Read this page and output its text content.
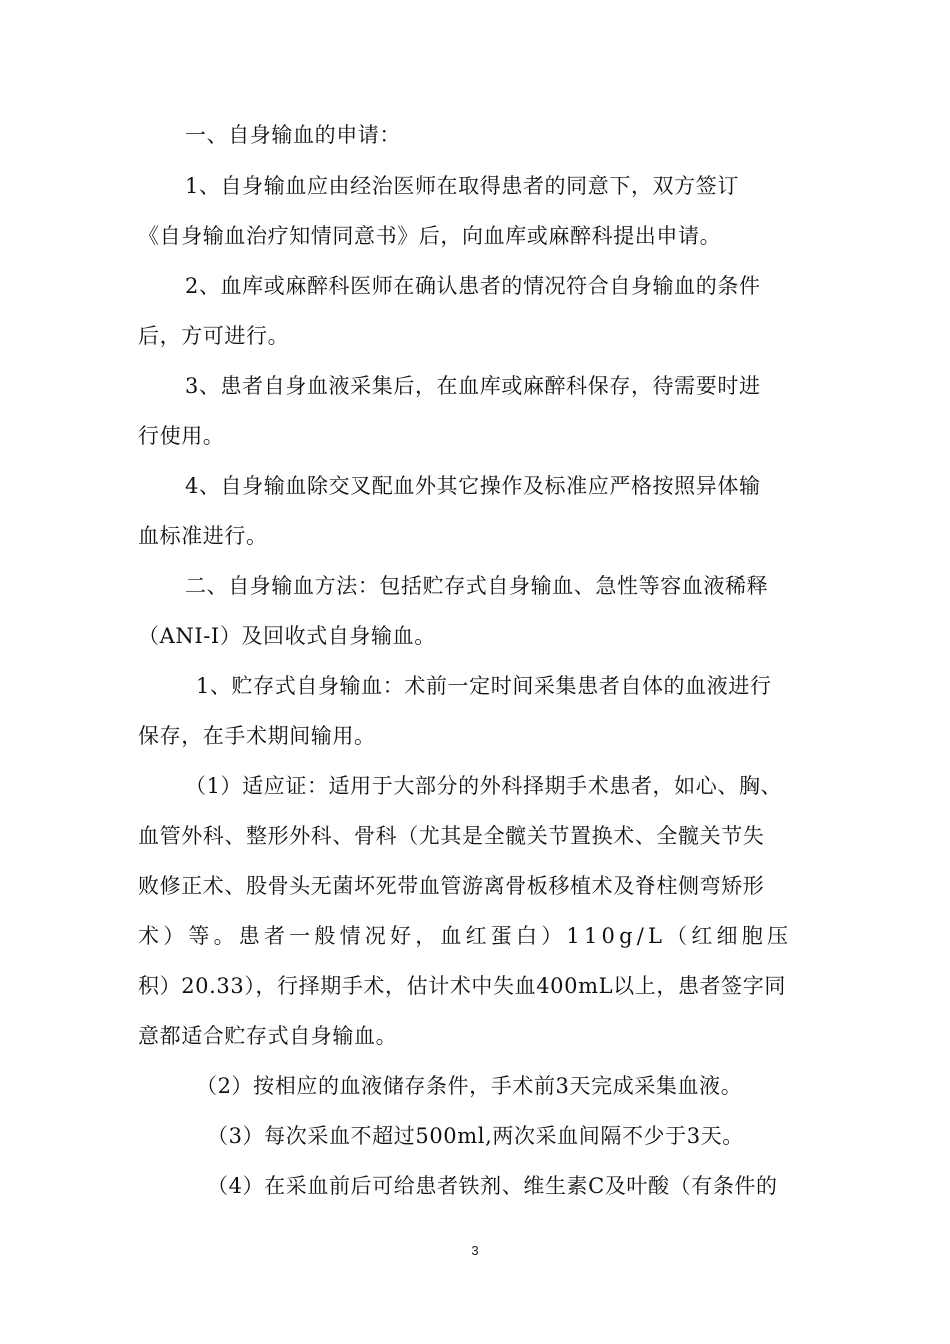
一、自身输血的申请：
1、自身输血应由经治医师在取得患者的同意下，双方签订
《自身输血治疗知情同意书》后，向血库或麻醉科提出申请。
2、血库或麻醉科医师在确认患者的情况符合自身输血的条件
后，方可进行。
3、患者自身血液采集后，在血库或麻醉科保存，待需要时进
行使用。
4、自身输血除交叉配血外其它操作及标准应严格按照异体输
血标准进行。
二、自身输血方法：包括贮存式自身输血、急性等容血液稀释
（ANI-I）及回收式自身输血。
1、贮存式自身输血：术前一定时间采集患者自体的血液进行
保存，在手术期间输用。
（1）适应证：适用于大部分的外科择期手术患者，如心、胸、
血管外科、整形外科、骨科（尤其是全髋关节置换术、全髋关节失
败修正术、股骨头无菌坏死带血管游离骨板移植术及脊柱侧弯矫形
术）等。患者一般情况好，血红蛋白）110g/L（红细胞压
积）20.33），行择期手术，估计术中失血400mL以上，患者签字同
意都适合贮存式自身输血。
（2）按相应的血液储存条件，手术前3天完成采集血液。
（3）每次采血不超过500ml,两次采血间隔不少于3天。
（4）在采血前后可给患者铁剂、维生素C及叶酸（有条件的
3
